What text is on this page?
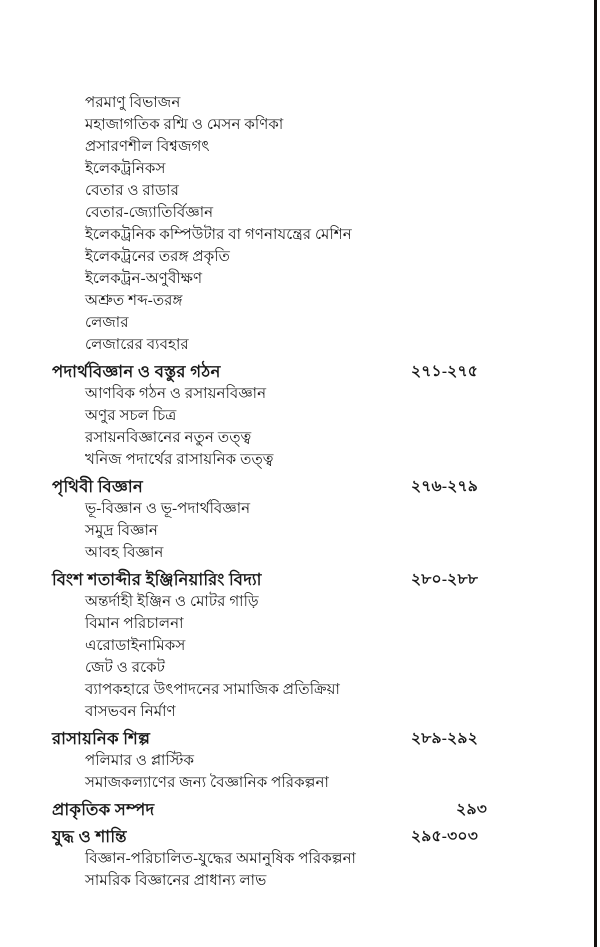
পরমাণু বিভাজন
মহাজাগতিক রশ্মি ও মেসন কণিকা
প্রসারণশীল বিশ্বজগৎ
ইলেকট্রনিকস
বেতার ও রাডার
বেতার-জ্যোতির্বিজ্ঞান
ইলেকট্রনিক কম্পিউটার বা গণনাযন্ত্রের মেশিন
ইলেকট্রনের তরঙ্গ প্রকৃতি
ইলেকট্রন-অণুবীক্ষণ
অশ্রুত শব্দ-তরঙ্গ
লেজার
লেজারের ব্যবহার
পদার্থবিজ্ঞান ও বস্তুর গঠন	২৭১-২৭৫
আণবিক গঠন ও রসায়নবিজ্ঞান
অণুর সচল চিত্র
রসায়নবিজ্ঞানের নতুন তত্ত্ব
খনিজ পদার্থের রাসায়নিক তত্ত্ব
পৃথিবী বিজ্ঞান	২৭৬-২৭৯
ভূ-বিজ্ঞান ও ভূ-পদার্থবিজ্ঞান
সমুদ্র বিজ্ঞান
আবহ বিজ্ঞান
বিংশ শতাব্দীর ইঞ্জিনিয়ারিং বিদ্যা	২৮০-২৮৮
অন্তর্দাহী ইঞ্জিন ও মোটর গাড়ি
বিমান পরিচালনা
এরোডাইনামিকস
জেট ও রকেট
ব্যাপকহারে উৎপাদনের সামাজিক প্রতিক্রিয়া
বাসভবন নির্মাণ
রাসায়নিক শিল্প	২৮৯-২৯২
পলিমার ও প্লাস্টিক
সমাজকল্যাণের জন্য বৈজ্ঞানিক পরিকল্পনা
প্রাকৃতিক সম্পদ	২৯৩
যুদ্ধ ও শান্তি	২৯৫-৩০৩
বিজ্ঞান-পরিচালিত-যুদ্ধের অমানুষিক পরিকল্পনা
সামরিক বিজ্ঞানের প্রাধান্য লাভ
